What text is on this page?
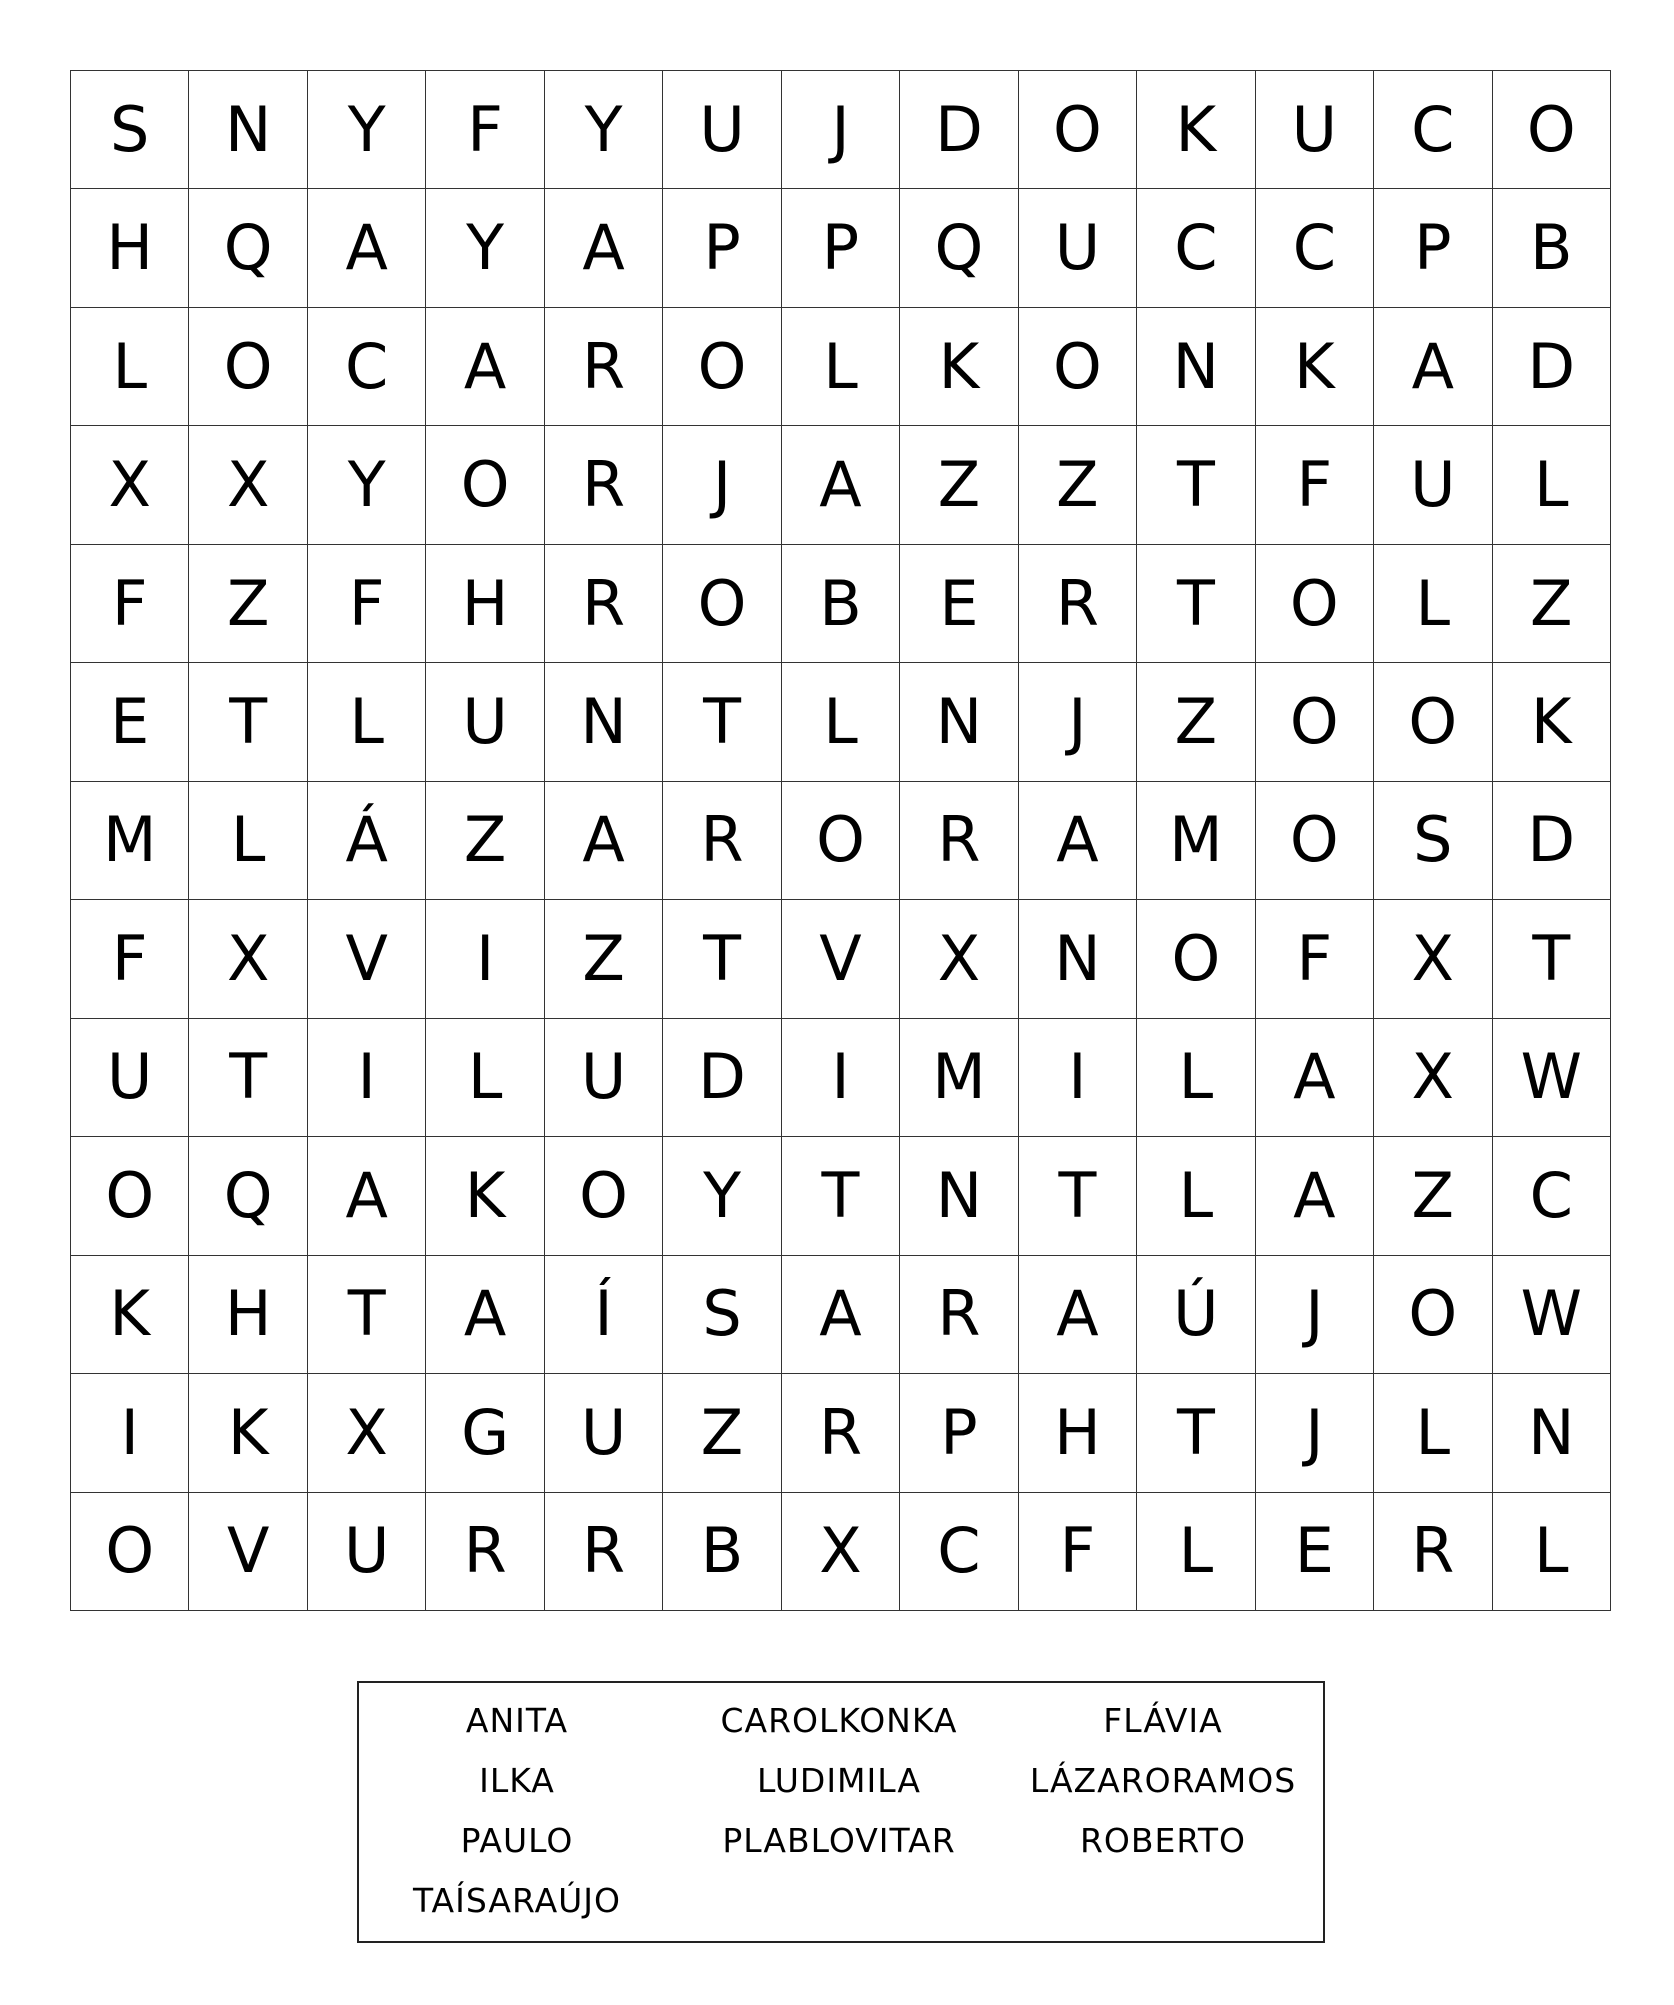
S	N	Y	F	Y	U	J	D	O	K	U	C	O
H	Q	A	Y	A	P	P	Q	U	C	C	P	B
L	O	C	A	R	O	L	K	O	N	K	A	D
X	X	Y	O	R	J	A	Z	Z	T	F	U	L
F	Z	F	H	R	O	B	E	R	T	O	L	Z
E	T	L	U	N	T	L	N	J	Z	O	O	K
M	L	Á	Z	A	R	O	R	A	M	O	S	D
F	X	V	I	Z	T	V	X	N	O	F	X	T
U	T	I	L	U	D	I	M	I	L	A	X	W
O	Q	A	K	O	Y	T	N	T	L	A	Z	C
K	H	T	A	Í	S	A	R	A	Ú	J	O	W
I	K	X	G	U	Z	R	P	H	T	J	L	N
O	V	U	R	R	B	X	C	F	L	E	R	L
ANITA	CAROLKONKA	FLÁVIA
ILKA	LUDIMILA	LÁZARORAMOS
PAULO	PLABLOVITAR	ROBERTO
TAÍSARAÚJO
